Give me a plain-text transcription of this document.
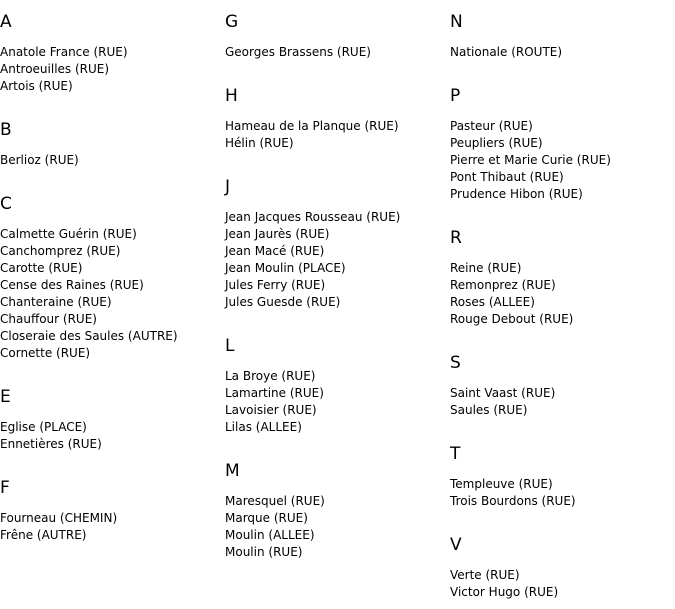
A
Anatole France (RUE)
Antroeuilles (RUE)
Artois (RUE)
B
Berlioz (RUE)
C
Calmette Guérin (RUE)
Canchomprez (RUE)
Carotte (RUE)
Cense des Raines (RUE)
Chanteraine (RUE)
Chauffour (RUE)
Closeraie des Saules (AUTRE)
Cornette (RUE)
E
Eglise (PLACE)
Ennetières (RUE)
F
Fourneau (CHEMIN)
Frêne (AUTRE)
G
Georges Brassens (RUE)
H
Hameau de la Planque (RUE)
Hélin (RUE)
J
Jean Jacques Rousseau (RUE)
Jean Jaurès (RUE)
Jean Macé (RUE)
Jean Moulin (PLACE)
Jules Ferry (RUE)
Jules Guesde (RUE)
L
La Broye (RUE)
Lamartine (RUE)
Lavoisier (RUE)
Lilas (ALLEE)
M
Maresquel (RUE)
Marque (RUE)
Moulin (ALLEE)
Moulin (RUE)
N
Nationale (ROUTE)
P
Pasteur (RUE)
Peupliers (RUE)
Pierre et Marie Curie (RUE)
Pont Thibaut (RUE)
Prudence Hibon (RUE)
R
Reine (RUE)
Remonprez (RUE)
Roses (ALLEE)
Rouge Debout (RUE)
S
Saint Vaast (RUE)
Saules (RUE)
T
Templeuve (RUE)
Trois Bourdons (RUE)
V
Verte (RUE)
Victor Hugo (RUE)
